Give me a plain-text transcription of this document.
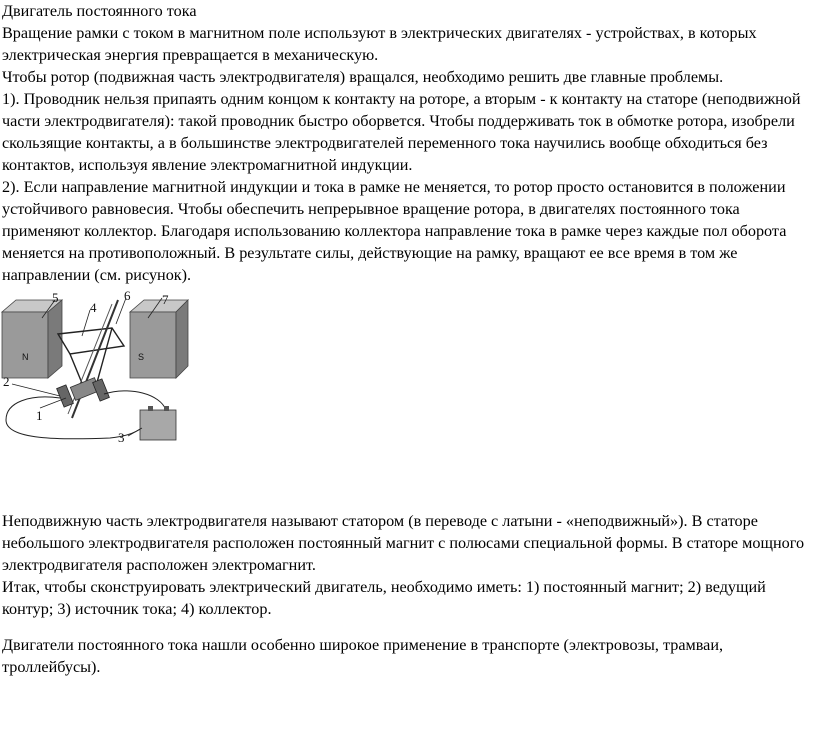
Двигатель постоянного тока

Вращение рамки с током в магнитном поле используют в электрических двигателях - устройствах, в которых электрическая энергия превращается в механическую.

Чтобы ротор (подвижная часть электродвигателя) вращался, необходимо решить две главные проблемы.

1). Проводник нельзя припаять одним концом к контакту на роторе, а вторым - к контакту на статоре (неподвижной части электродвигателя): такой проводник быстро оборвется. Чтобы поддерживать ток в обмотке ротора, изобрели скользящие контакты, а в большинстве электродвигателей переменного тока научились вообще обходиться без контактов, используя явление электромагнитной индукции.

2). Если направление магнитной индукции и тока в рамке не меняется, то ротор просто остановится в положении устойчивого равновесия. Чтобы обеспечить непрерывное вращение ротора, в двигателях постоянного тока применяют коллектор. Благодаря использованию коллектора направление тока в рамке через каждые пол оборота меняется на противоположный. В результате силы, действующие на рамку, вращают ее все время в том же направлении (см. рисунок).

N	S
1
2
3
4
5	6 7

Неподвижную часть электродвигателя называют статором (в переводе с латыни - «неподвижный»). В статоре небольшого электродвигателя расположен постоянный магнит с полюсами специальной формы. В статоре мощного электродвигателя расположен электромагнит.

Итак, чтобы сконструировать электрический двигатель, необходимо иметь: 1) постоянный магнит; 2) ведущий контур; 3) источник тока; 4) коллектор.

Двигатели постоянного тока нашли особенно широкое применение в транспорте (электровозы, трамваи, троллейбусы).
